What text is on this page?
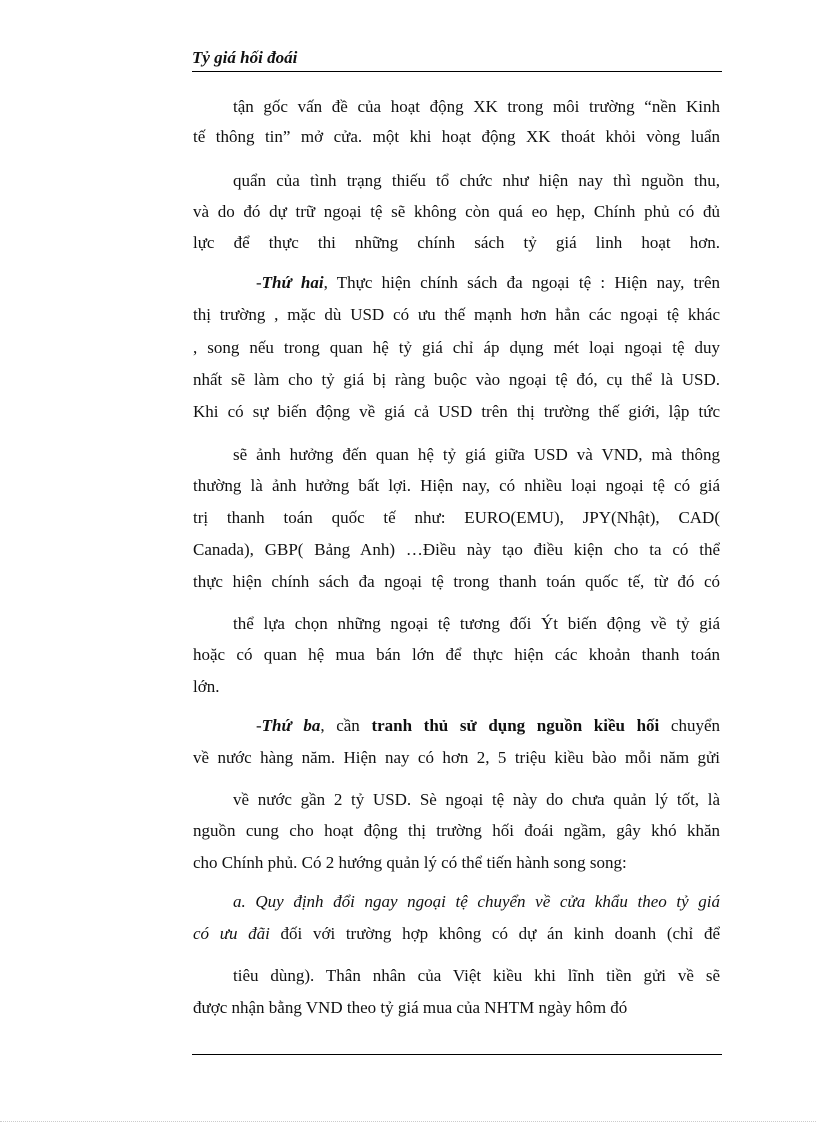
Tỷ giá hối đoái
tận gốc vấn đề của hoạt động XK trong môi trường “nền Kinh
tế thông tin” mở cửa. một khi hoạt động XK thoát khỏi vòng luẩn
quẩn của tình trạng thiếu tổ chức như hiện nay thì nguồn thu,
và do đó dự trữ ngoại tệ sẽ không còn quá eo hẹp, Chính phủ có đủ
lực để thực thi những chính sách tỷ giá linh hoạt hơn.
-Thứ hai, Thực hiện chính sách đa ngoại tệ : Hiện nay, trên
thị trường , mặc dù USD có ưu thế mạnh hơn hẳn các ngoại tệ khác
, song nếu trong quan hệ tỷ giá chỉ áp dụng mét loại ngoại tệ duy
nhất sẽ làm cho tỷ giá bị ràng buộc vào ngoại tệ đó, cụ thể là USD.
Khi có sự biến động về giá cả USD trên thị trường thế giới, lập tức
sẽ ảnh hưởng đến quan hệ tỷ giá giữa USD và VND, mà thông
thường là ảnh hưởng bất lợi. Hiện nay, có nhiều loại ngoại tệ có giá
trị thanh toán quốc tế như: EURO(EMU), JPY(Nhật), CAD(
Canada), GBP( Bảng Anh) …Điều này tạo điều kiện cho ta có thể
thực hiện chính sách đa ngoại tệ trong thanh toán quốc tế, từ đó có
thể lựa chọn những ngoại tệ tương đối Ýt biến động về tỷ giá
hoặc có quan hệ mua bán lớn để thực hiện các khoản thanh toán
lớn.
-Thứ ba, cần tranh thủ sử dụng nguồn kiều hối chuyển
về nước hàng năm. Hiện nay có hơn 2, 5 triệu kiều bào mỗi năm gửi
về nước gần 2 tỷ USD. Sè ngoại tệ này do chưa quản lý tốt, là
nguồn cung cho hoạt động thị trường hối đoái ngầm, gây khó khăn
cho Chính phủ. Có 2 hướng quản lý có thể tiến hành song song:
a. Quy định đổi ngay ngoại tệ chuyển về cửa khẩu theo tỷ giá
có ưu đãi đối với trường hợp không có dự án kinh doanh (chỉ để
tiêu dùng). Thân nhân của Việt kiều khi lĩnh tiền gửi về sẽ
được nhận bằng VND theo tỷ giá mua của NHTM ngày hôm đó
